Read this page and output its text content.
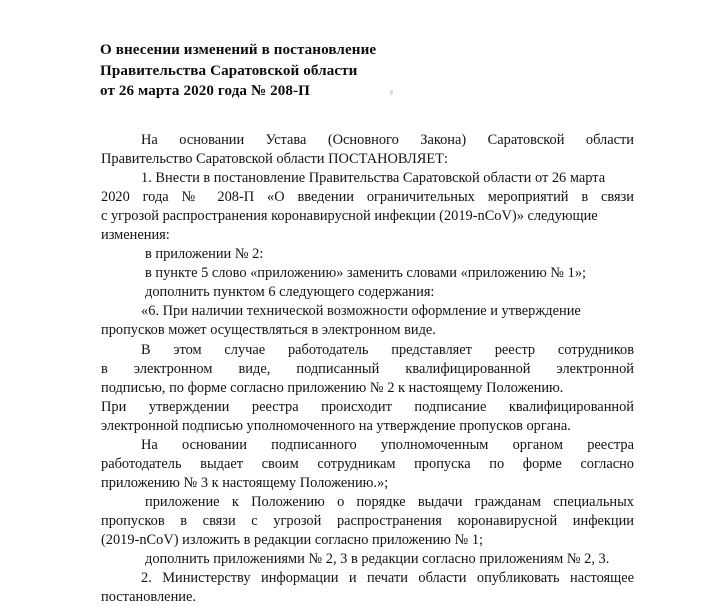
О внесении изменений в постановление
Правительства Саратовской области
от 26 марта 2020 года № 208-П

На основании Устава (Основного Закона) Саратовской области
Правительство Саратовской области ПОСТАНОВЛЯЕТ:

1. Внести в постановление Правительства Саратовской области от 26 марта
2020 года № 208-П «О введении ограничительных мероприятий в связи
с угрозой распространения коронавирусной инфекции (2019-nCoV)» следующие
изменения:

в приложении № 2:

в пункте 5 слово «приложению» заменить словами «приложению № 1»;

дополнить пунктом 6 следующего содержания:

«6. При наличии технической возможности оформление и утверждение
пропусков может осуществляться в электронном виде.

В этом случае работодатель представляет реестр сотрудников
в электронном виде, подписанный квалифицированной электронной
подписью, по форме согласно приложению № 2 к настоящему Положению.
При утверждении реестра происходит подписание квалифицированной
электронной подписью уполномоченного на утверждение пропусков органа.

На основании подписанного уполномоченным органом реестра
работодатель выдает своим сотрудникам пропуска по форме согласно
приложению № 3 к настоящему Положению.»;

приложение к Положению о порядке выдачи гражданам специальных
пропусков в связи с угрозой распространения коронавирусной инфекции
(2019-nCoV) изложить в редакции согласно приложению № 1;

дополнить приложениями № 2, 3 в редакции согласно приложениям № 2, 3.

2. Министерству информации и печати области опубликовать настоящее
постановление.
